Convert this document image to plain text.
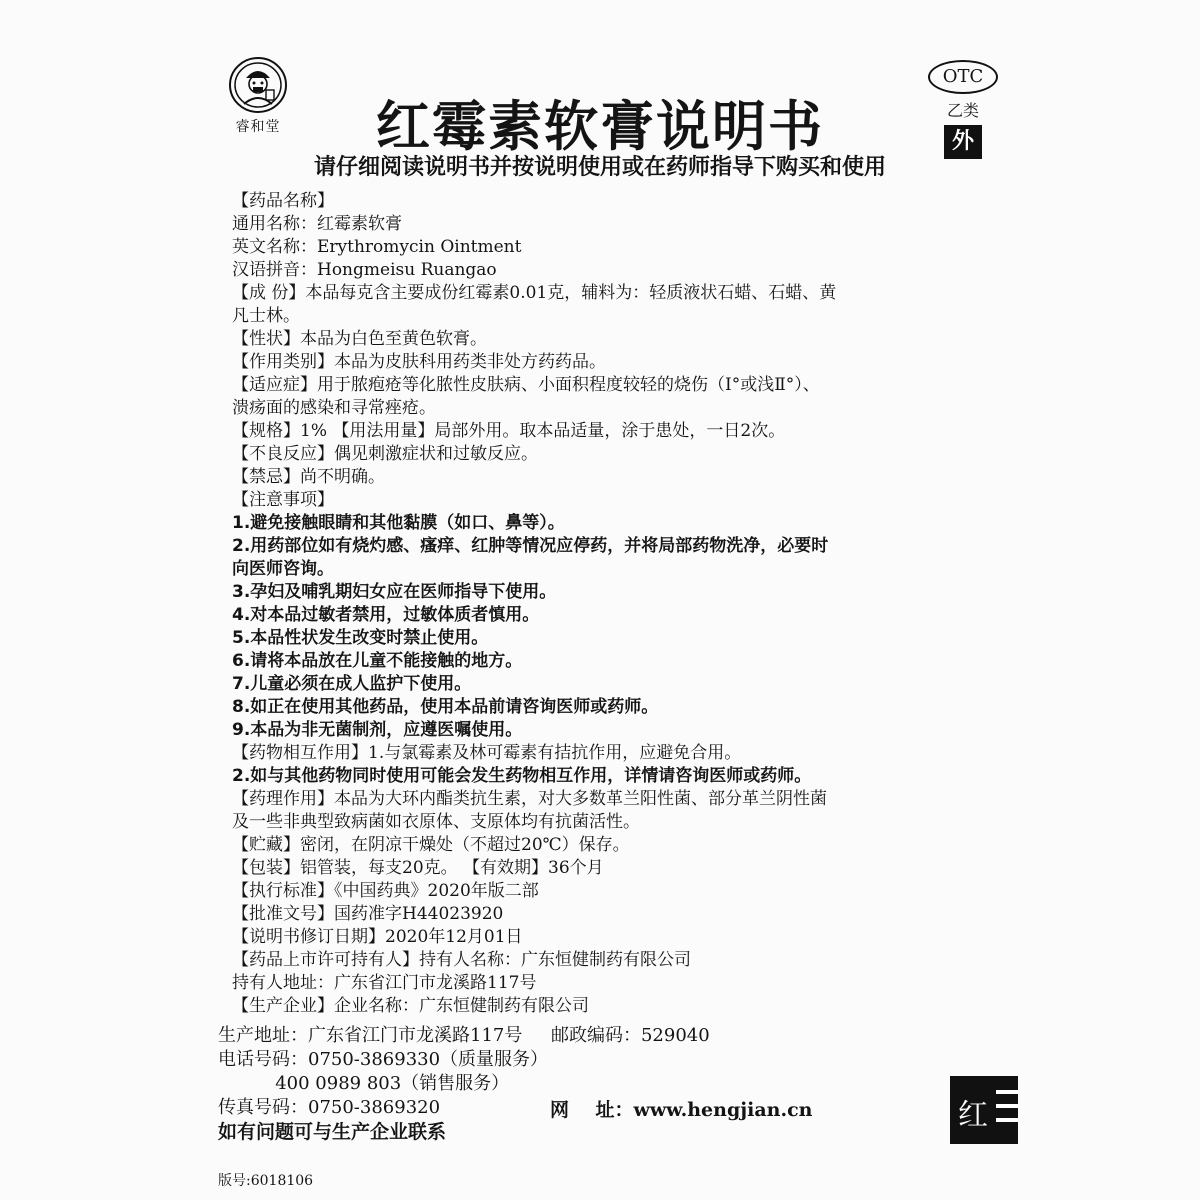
睿和堂	红霉素软膏说明书
OTC
乙类
外
请仔细阅读说明书并按说明使用或在药师指导下购买和使用
【药品名称】
通用名称：红霉素软膏
英文名称：Erythromycin Ointment
汉语拼音：Hongmeisu Ruangao
【成 份】本品每克含主要成份红霉素0.01克，辅料为：轻质液状石蜡、石蜡、黄
凡士林。
【性状】本品为白色至黄色软膏。
【作用类别】本品为皮肤科用药类非处方药药品。
【适应症】用于脓疱疮等化脓性皮肤病、小面积程度较轻的烧伤（Ⅰ°或浅Ⅱ°）、
溃疡面的感染和寻常痤疮。
【规格】1% 【用法用量】局部外用。取本品适量，涂于患处，一日2次。
【不良反应】偶见刺激症状和过敏反应。
【禁忌】尚不明确。
【注意事项】
1.避免接触眼睛和其他黏膜（如口、鼻等）。
2.用药部位如有烧灼感、瘙痒、红肿等情况应停药，并将局部药物洗净，必要时
向医师咨询。
3.孕妇及哺乳期妇女应在医师指导下使用。
4.对本品过敏者禁用，过敏体质者慎用。
5.本品性状发生改变时禁止使用。
6.请将本品放在儿童不能接触的地方。
7.儿童必须在成人监护下使用。
8.如正在使用其他药品，使用本品前请咨询医师或药师。
9.本品为非无菌制剂，应遵医嘱使用。
【药物相互作用】1.与氯霉素及林可霉素有拮抗作用，应避免合用。
2.如与其他药物同时使用可能会发生药物相互作用，详情请咨询医师或药师。
【药理作用】本品为大环内酯类抗生素，对大多数革兰阳性菌、部分革兰阴性菌
及一些非典型致病菌如衣原体、支原体均有抗菌活性。
【贮藏】密闭，在阴凉干燥处（不超过20℃）保存。
【包装】铝管装，每支20克。 【有效期】36个月
【执行标准】《中国药典》2020年版二部
【批准文号】国药准字H44023920
【说明书修订日期】2020年12月01日
【药品上市许可持有人】持有人名称：广东恒健制药有限公司
持有人地址：广东省江门市龙溪路117号
【生产企业】企业名称：广东恒健制药有限公司
生产地址：广东省江门市龙溪路117号     邮政编码：529040
电话号码：0750-3869330（质量服务）
400 0989 803（销售服务）
传真号码：0750-3869320
如有问题可与生产企业联系
网    址：www.hengjian.cn	红
版号:6018106
